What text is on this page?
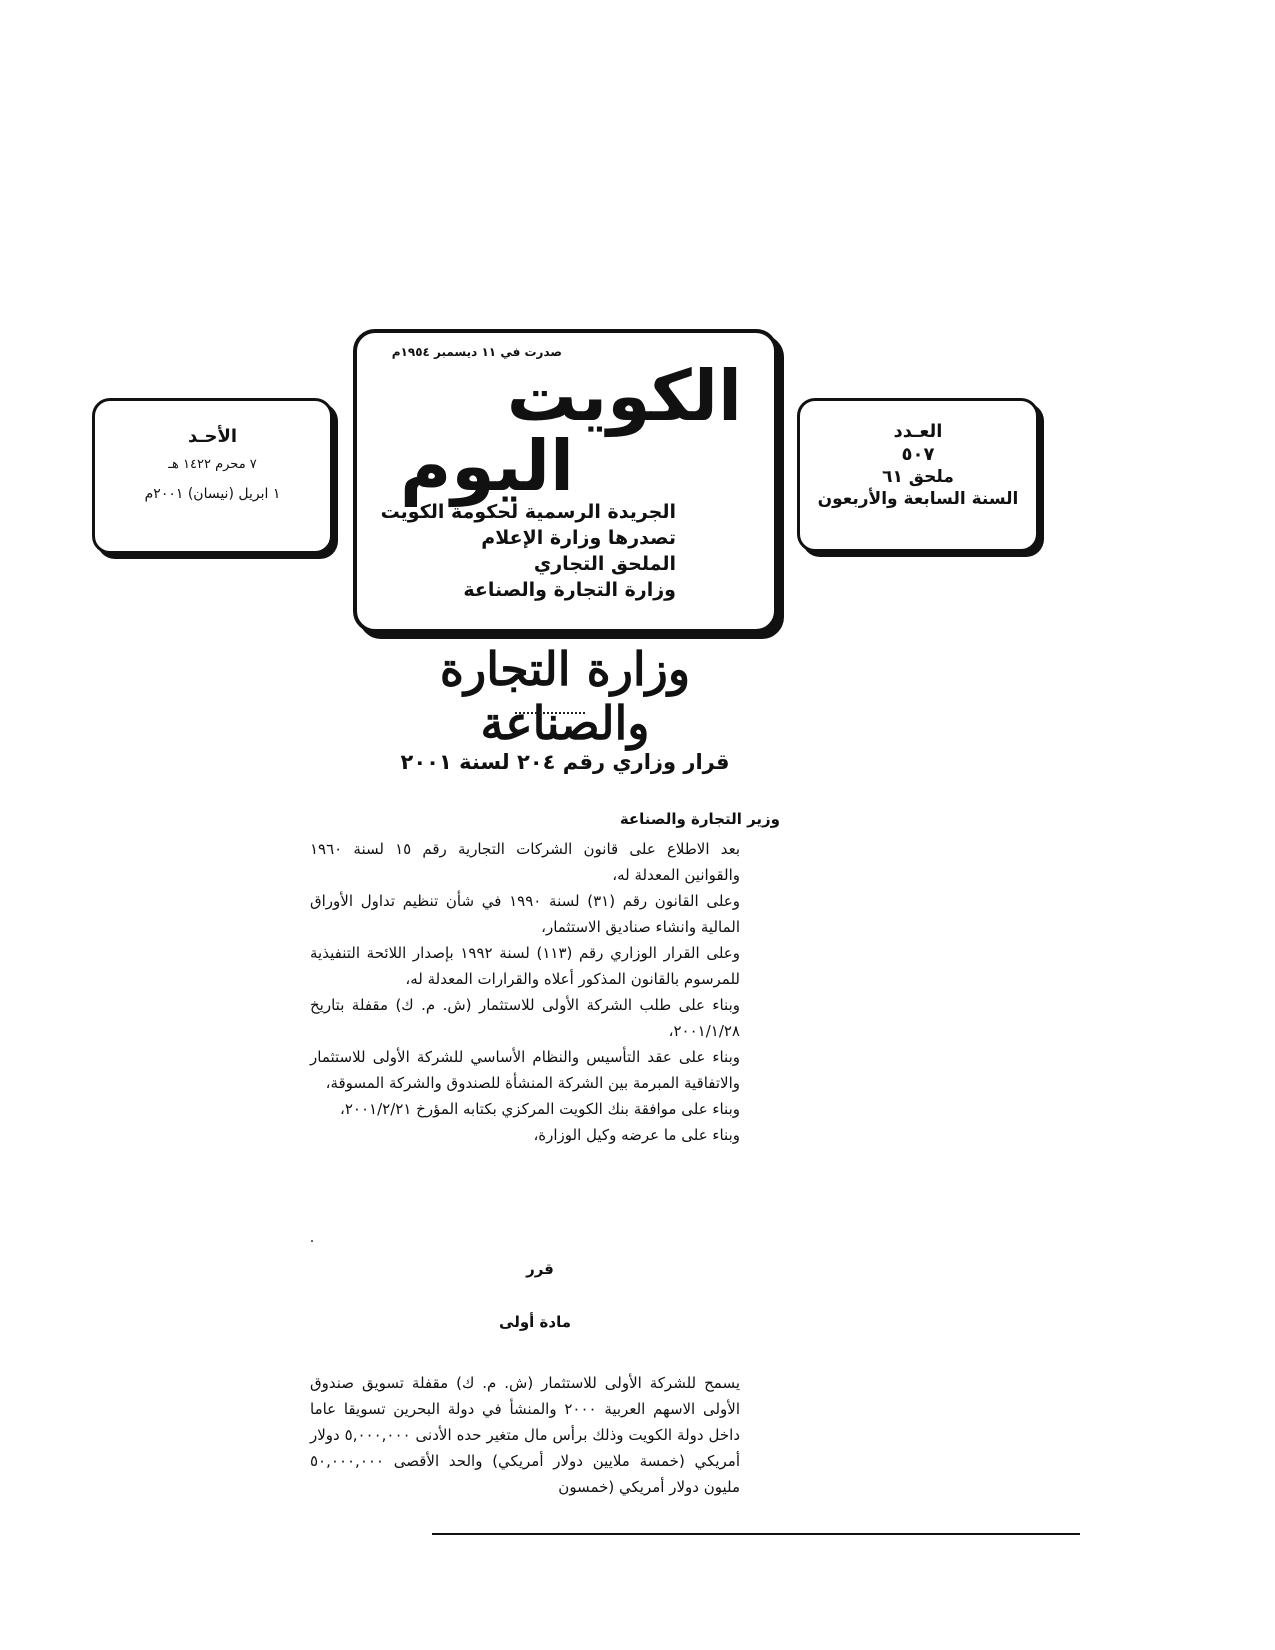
الأحـد
٧ محرم ١٤٢٢ هـ
١ ابريل (نيسان) ٢٠٠١م
صدرت في ١١ ديسمبر ١٩٥٤م
الكويت
اليوم
الجريدة الرسمية لحكومة الكويت
تصدرها وزارة الإعلام
الملحق التجاري
وزارة التجارة والصناعة
العـدد
٥٠٧
ملحق ٦١
السنة السابعة والأربعون
وزارة التجارة والصناعة
قرار وزاري رقم ٢٠٤ لسنة ٢٠٠١
وزير التجارة والصناعة

بعد الاطلاع على قانون الشركات التجارية رقم ١٥ لسنة ١٩٦٠ والقوانين المعدلة له،

وعلى القانون رقم (٣١) لسنة ١٩٩٠ في شأن تنظيم تداول الأوراق المالية وانشاء صناديق الاستثمار،

وعلى القرار الوزاري رقم (١١٣) لسنة ١٩٩٢ بإصدار اللائحة التنفيذية للمرسوم بالقانون المذكور أعلاه والقرارات المعدلة له،

وبناء على طلب الشركة الأولى للاستثمار (ش. م. ك) مقفلة بتاريخ ٢٠٠١/١/٢٨،

وبناء على عقد التأسيس والنظام الأساسي للشركة الأولى للاستثمار والاتفاقية المبرمة بين الشركة المنشأة للصندوق والشركة المسوقة،

وبناء على موافقة بنك الكويت المركزي بكتابه المؤرخ ٢٠٠١/٢/٢١،

وبناء على ما عرضه وكيل الوزارة،

قرر
مادة أولى

يسمح للشركة الأولى للاستثمار (ش. م. ك) مقفلة تسويق صندوق الأولى الاسهم العربية ٢٠٠٠ والمنشأ في دولة البحرين تسويقا عاما داخل دولة الكويت وذلك برأس مال متغير حده الأدنى ٥,٠٠٠,٠٠٠ دولار أمريكي (خمسة ملايين دولار أمريكي) والحد الأقصى ٥٠,٠٠٠,٠٠٠ مليون دولار أمريكي (خمسون
